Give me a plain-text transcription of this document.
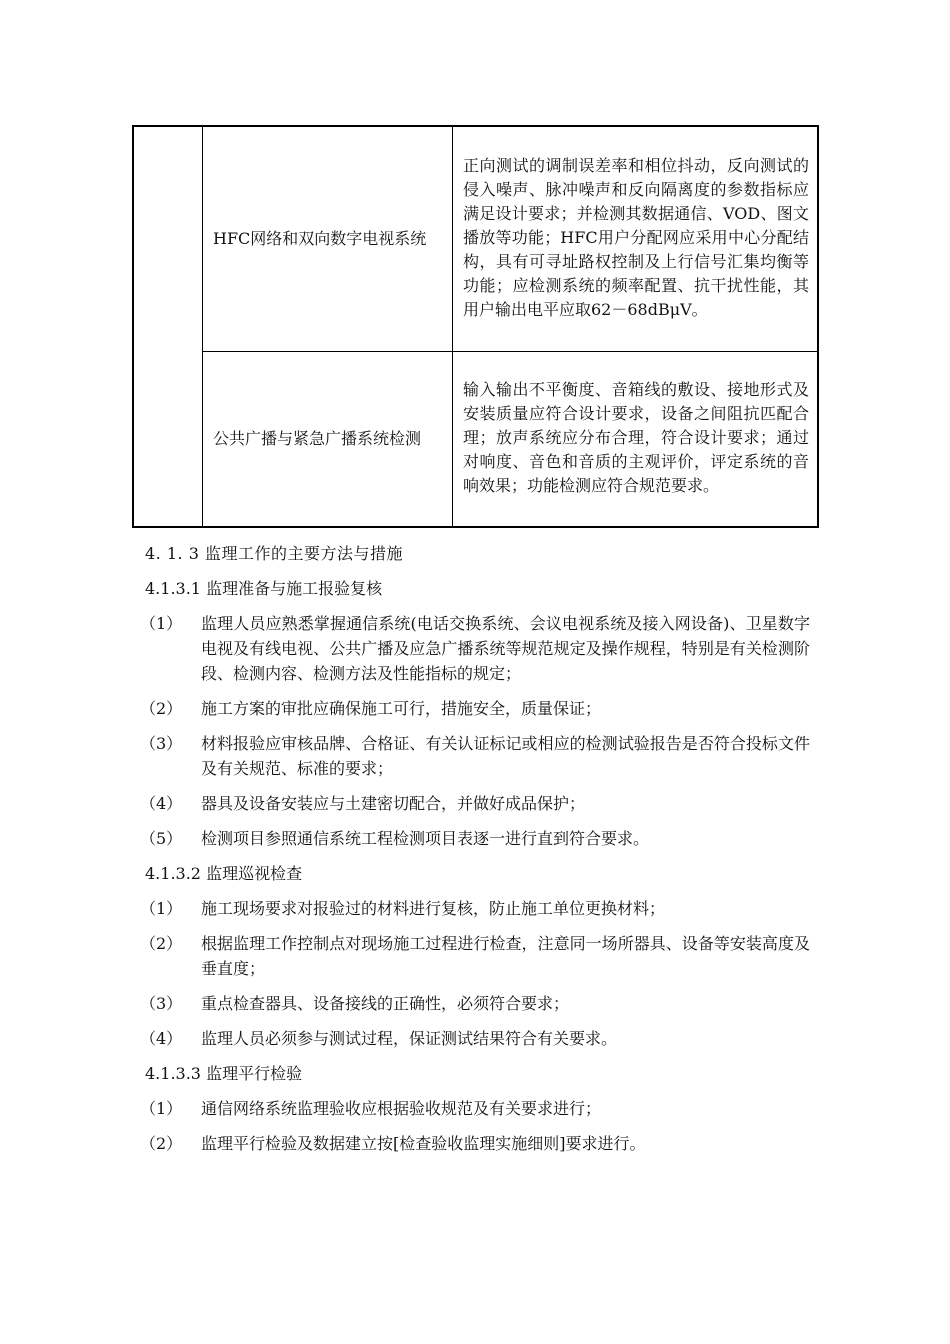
	HFC网络和双向数字电视系统	正向测试的调制误差率和相位抖动，反向测试的侵入噪声、脉冲噪声和反向隔离度的参数指标应满足设计要求；并检测其数据通信、VOD、图文播放等功能；HFC用户分配网应采用中心分配结构，具有可寻址路权控制及上行信号汇集均衡等功能；应检测系统的频率配置、抗干扰性能，其用户输出电平应取62－68dBμV。
	公共广播与紧急广播系统检测	输入输出不平衡度、音箱线的敷设、接地形式及安装质量应符合设计要求，设备之间阻抗匹配合理；放声系统应分布合理，符合设计要求；通过对响度、音色和音质的主观评价，评定系统的音响效果；功能检测应符合规范要求。
4. 1. 3 监理工作的主要方法与措施
4.1.3.1 监理准备与施工报验复核
（1） 监理人员应熟悉掌握通信系统(电话交换系统、会议电视系统及接入网设备)、卫星数字电视及有线电视、公共广播及应急广播系统等规范规定及操作规程，特别是有关检测阶段、检测内容、检测方法及性能指标的规定；
（2） 施工方案的审批应确保施工可行，措施安全，质量保证；
（3） 材料报验应审核品牌、合格证、有关认证标记或相应的检测试验报告是否符合投标文件及有关规范、标准的要求；
（4） 器具及设备安装应与土建密切配合，并做好成品保护；
（5） 检测项目参照通信系统工程检测项目表逐一进行直到符合要求。
4.1.3.2 监理巡视检查
（1） 施工现场要求对报验过的材料进行复核，防止施工单位更换材料；
（2） 根据监理工作控制点对现场施工过程进行检查，注意同一场所器具、设备等安装高度及垂直度；
（3） 重点检查器具、设备接线的正确性，必须符合要求；
（4） 监理人员必须参与测试过程，保证测试结果符合有关要求。
4.1.3.3 监理平行检验
（1） 通信网络系统监理验收应根据验收规范及有关要求进行；
（2） 监理平行检验及数据建立按[检查验收监理实施细则]要求进行。
